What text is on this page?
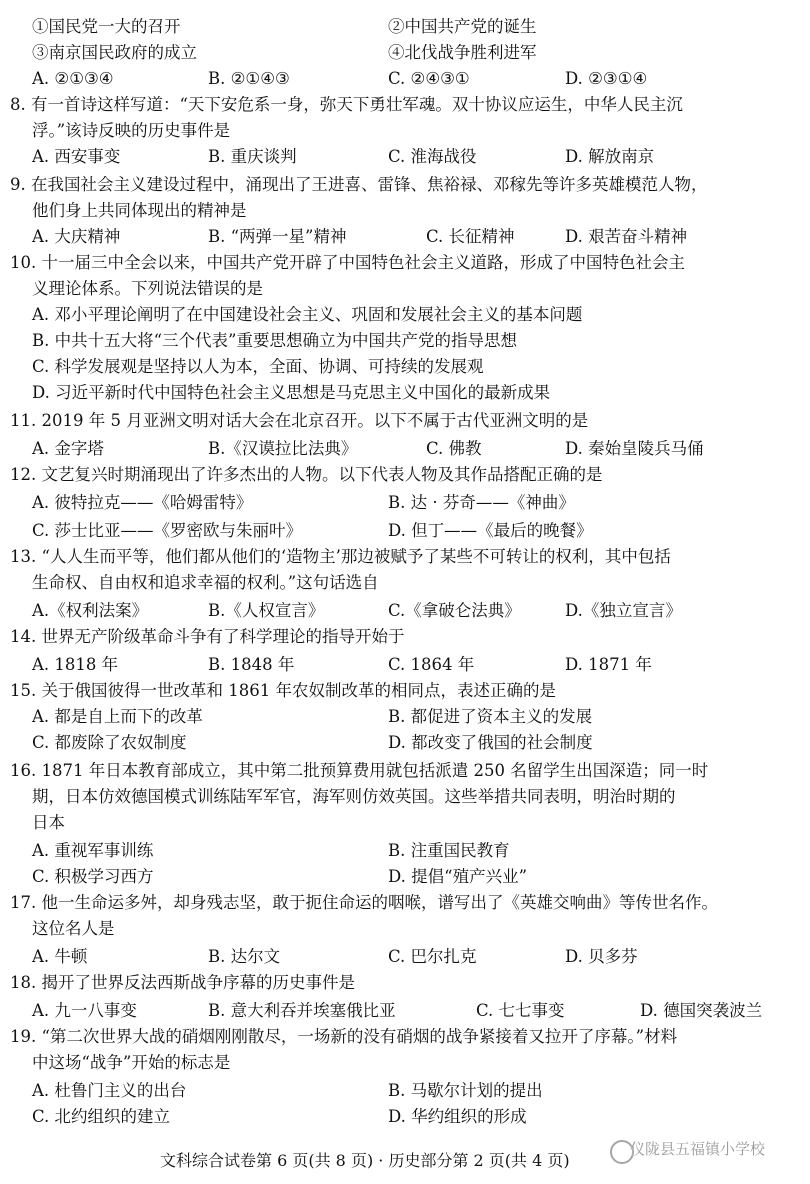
①国民党一大的召开	②中国共产党的诞生
③南京国民政府的成立	④北伐战争胜利进军
A. ②①③④	B. ②①④③	C. ②④③①	D. ②③①④
8. 有一首诗这样写道：“天下安危系一身，弥天下勇壮军魂。双十协议应运生，中华人民主沉
浮。”该诗反映的历史事件是
A. 西安事变	B. 重庆谈判	C. 淮海战役	D. 解放南京
9. 在我国社会主义建设过程中，涌现出了王进喜、雷锋、焦裕禄、邓稼先等许多英雄模范人物，
他们身上共同体现出的精神是
A. 大庆精神	B. “两弹一星”精神	C. 长征精神	D. 艰苦奋斗精神
10. 十一届三中全会以来，中国共产党开辟了中国特色社会主义道路，形成了中国特色社会主
义理论体系。下列说法错误的是
A. 邓小平理论阐明了在中国建设社会主义、巩固和发展社会主义的基本问题
B. 中共十五大将“三个代表”重要思想确立为中国共产党的指导思想
C. 科学发展观是坚持以人为本，全面、协调、可持续的发展观
D. 习近平新时代中国特色社会主义思想是马克思主义中国化的最新成果
11. 2019 年 5 月亚洲文明对话大会在北京召开。以下不属于古代亚洲文明的是
A. 金字塔	B.《汉谟拉比法典》	C. 佛教	D. 秦始皇陵兵马俑
12. 文艺复兴时期涌现出了许多杰出的人物。以下代表人物及其作品搭配正确的是
A. 彼特拉克——《哈姆雷特》	B. 达 · 芬奇——《神曲》
C. 莎士比亚——《罗密欧与朱丽叶》	D. 但丁——《最后的晚餐》
13. “人人生而平等，他们都从他们的‘造物主’那边被赋予了某些不可转让的权利，其中包括
生命权、自由权和追求幸福的权利。”这句话选自
A.《权利法案》	B.《人权宣言》	C.《拿破仑法典》	D.《独立宣言》
14. 世界无产阶级革命斗争有了科学理论的指导开始于
A. 1818 年	B. 1848 年	C. 1864 年	D. 1871 年
15. 关于俄国彼得一世改革和 1861 年农奴制改革的相同点，表述正确的是
A. 都是自上而下的改革	B. 都促进了资本主义的发展
C. 都废除了农奴制度	D. 都改变了俄国的社会制度
16. 1871 年日本教育部成立，其中第二批预算费用就包括派遣 250 名留学生出国深造；同一时
期，日本仿效德国模式训练陆军军官，海军则仿效英国。这些举措共同表明，明治时期的
日本
A. 重视军事训练	B. 注重国民教育
C. 积极学习西方	D. 提倡“殖产兴业”
17. 他一生命运多舛，却身残志坚，敢于扼住命运的咽喉，谱写出了《英雄交响曲》等传世名作。
这位名人是
A. 牛顿	B. 达尔文	C. 巴尔扎克	D. 贝多芬
18. 揭开了世界反法西斯战争序幕的历史事件是
A. 九一八事变	B. 意大利吞并埃塞俄比亚	C. 七七事变	D. 德国突袭波兰
19. “第二次世界大战的硝烟刚刚散尽，一场新的没有硝烟的战争紧接着又拉开了序幕。”材料
中这场“战争”开始的标志是
A. 杜鲁门主义的出台	B. 马歇尔计划的提出
C. 北约组织的建立	D. 华约组织的形成
文科综合试卷第 6 页(共 8 页) · 历史部分第 2 页(共 4 页)
仪陇县五福镇小学校
